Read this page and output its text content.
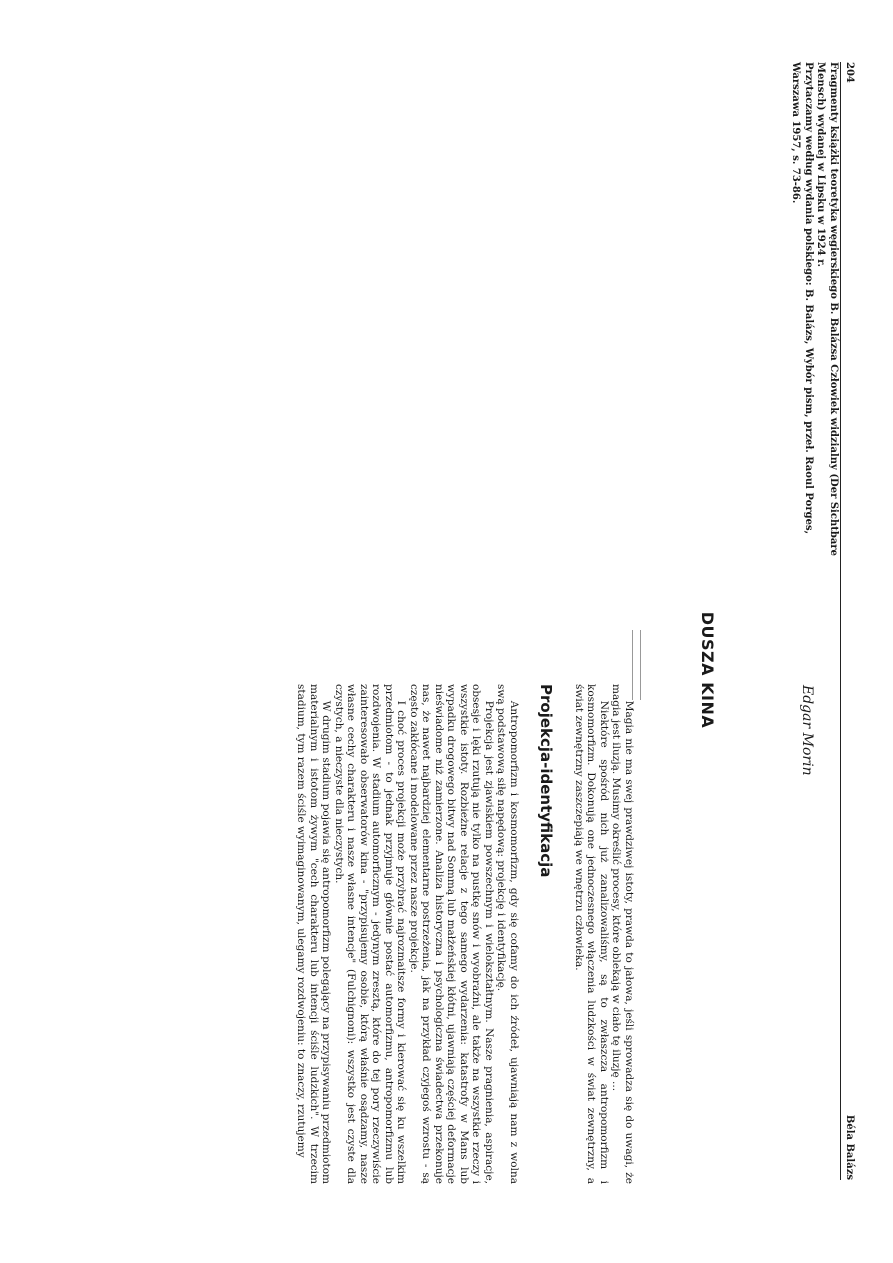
204
Béla Balázs

Fragmenty książki teoretyka węgierskiego B. Balázsa Człowiek widzialny (Der Sichtbare

Mensch) wydanej w Lipsku w 1924 r.

Przytaczamy według wydania polskiego: B. Balázs, Wybór pism, przeł. Raoul Porges,

Warszawa 1957, s. 73-86.

DUSZA KINA
Edgar Morin

Magia nie ma swej prawdziwej istoty, prawda to jałowa, jeśli sprowadza się do uwagi, że magia jest iluzją. Musimy określić procesy, które oblekają w ciało tę iluzję ...

Niektóre spośród nich już zanalizowaliśmy, są to zwłaszcza antropomorfizm i kosmomorfizm. Dokonują one jednoczesnego włączenia ludzkości w świat zewnętrzny, a świat zewnętrzny zaszczepiają we wnętrzu człowieka.

Projekcja-identyfikacja

Antropomorfizm i kosmomorfizm, gdy się cofamy do ich źródeł, ujawniają nam z wolna swą podstawową siłę napędową: projekcję i identyfikację.

Projekcja jest zjawiskiem powszechnym i wielokształtnym. Nasze pragnienia, aspiracje, obsesje i lęki rzutują nie tylko na pustkę snów i wyobraźni, ale także na wszystkie rzeczy i wszystkie istoty. Rozbieżne relacje z tego samego wydarzenia: katastrofy w Mans lub wypadku drogowego bitwy nad Sommą lub małżeńskiej kłótni, ujawniają częściej deformacje nieświadome niż zamierzone. Analiza historyczna i psychologiczna świadectwa przekonuje nas, że nawet najbardziej elementarne postrzeżenia, jak na przykład czyjegoś wzrostu - są często zakłócane i modelowane przez nasze projekcje.

I choć proces projekcji może przybrać najrozmaitsze formy i kierować się ku wszelkim przedmiotom - to jednak przyjmuje głównie postać automorfizmu, antropomorfizmu lub rozdwojenia. W stadium automorficznym - jedynym zresztą, które do tej pory rzeczywiście zainteresowało obserwatorów kina - "przypisujemy osobie, którą właśnie osądzamy, nasze własne cechy charakteru i nasze własne intencje" (Fulchignoni): wszystko jest czyste dla czystych, a nieczyste dla nieczystych.

W drugim stadium pojawia się antropomorfizm polegający na przypisywaniu przedmiotom materialnym i istotom żywym "cech charakteru lub intencji ściśle ludzkich". W trzecim stadium, tym razem ściśle wyimaginowanym, ulegamy rozdwojeniu: to znaczy, rzutujemy
